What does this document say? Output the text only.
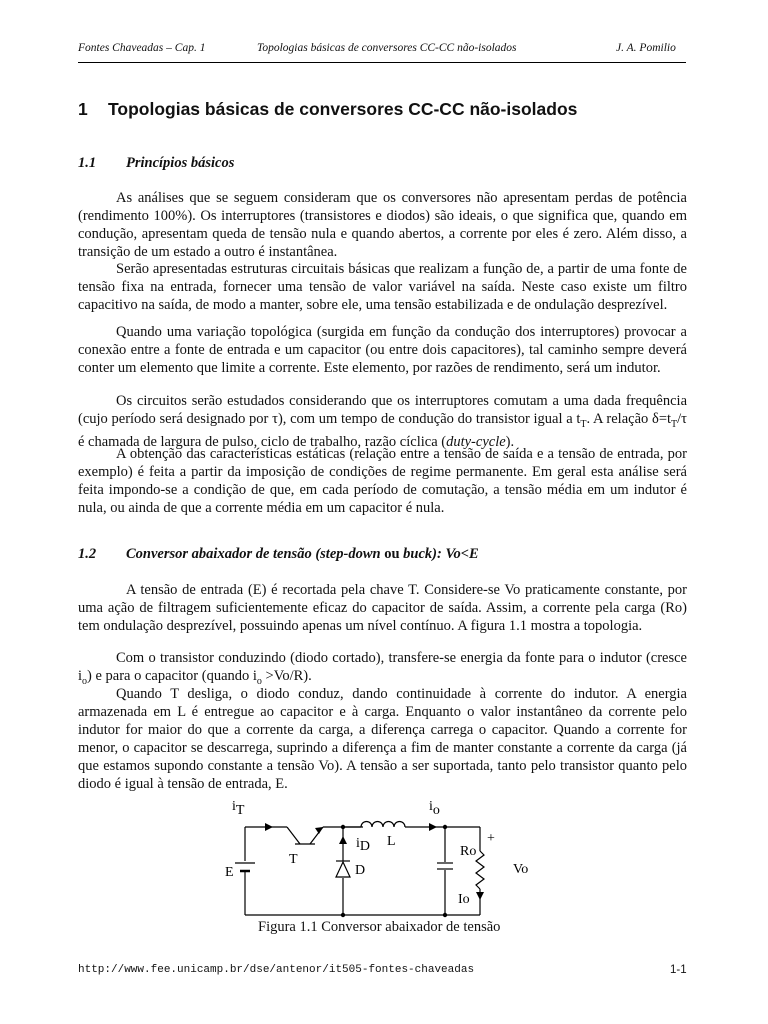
Fontes Chaveadas – Cap. 1	Topologias básicas de conversores CC-CC não-isolados	J. A. Pomilio
1 Topologias básicas de conversores CC-CC não-isolados
1.1 Princípios básicos

As análises que se seguem consideram que os conversores não apresentam perdas de potência (rendimento 100%). Os interruptores (transistores e diodos) são ideais, o que significa que, quando em condução, apresentam queda de tensão nula e quando abertos, a corrente por eles é zero. Além disso, a transição de um estado a outro é instantânea.

Serão apresentadas estruturas circuitais básicas que realizam a função de, a partir de uma fonte de tensão fixa na entrada, fornecer uma tensão de valor variável na saída. Neste caso existe um filtro capacitivo na saída, de modo a manter, sobre ele, uma tensão estabilizada e de ondulação desprezível.

Quando uma variação topológica (surgida em função da condução dos interruptores) provocar a conexão entre a fonte de entrada e um capacitor (ou entre dois capacitores), tal caminho sempre deverá conter um elemento que limite a corrente. Este elemento, por razões de rendimento, será um indutor.

Os circuitos serão estudados considerando que os interruptores comutam a uma dada frequência (cujo período será designado por τ), com um tempo de condução do transistor igual a $t_T$. A relação $\delta=t_T/\tau$ é chamada de largura de pulso, ciclo de trabalho, razão cíclica (duty-cycle).

A obtenção das características estáticas (relação entre a tensão de saída e a tensão de entrada, por exemplo) é feita a partir da imposição de condições de regime permanente. Em geral esta análise será feita impondo-se a condição de que, em cada período de comutação, a tensão média em um indutor é nula, ou ainda de que a corrente média em um capacitor é nula.

1.2 Conversor abaixador de tensão (step-down ou buck): Vo<E

A tensão de entrada (E) é recortada pela chave T. Considere-se Vo praticamente constante, por uma ação de filtragem suficientemente eficaz do capacitor de saída. Assim, a corrente pela carga (Ro) tem ondulação desprezível, possuindo apenas um nível contínuo. A figura 1.1 mostra a topologia.

Com o transistor conduzindo (diodo cortado), transfere-se energia da fonte para o indutor (cresce $i_o$) e para o capacitor (quando $i_o >Vo/R$).

Quando T desliga, o diodo conduz, dando continuidade à corrente do indutor. A energia armazenada em L é entregue ao capacitor e à carga. Enquanto o valor instantâneo da corrente pelo indutor for maior do que a corrente da carga, a diferença carrega o capacitor. Quando a corrente for menor, o capacitor se descarrega, suprindo a diferença a fim de manter constante a corrente da carga (já que estamos supondo constante a tensão Vo). A tensão a ser suportada, tanto pelo transistor quanto pelo diodo é igual à tensão de entrada, E.

iT	io
T
iD
D
L
E
Ro
Vo
Io
+
Figura 1.1 Conversor abaixador de tensão
http://www.fee.unicamp.br/dse/antenor/it505-fontes-chaveadas	1-1
